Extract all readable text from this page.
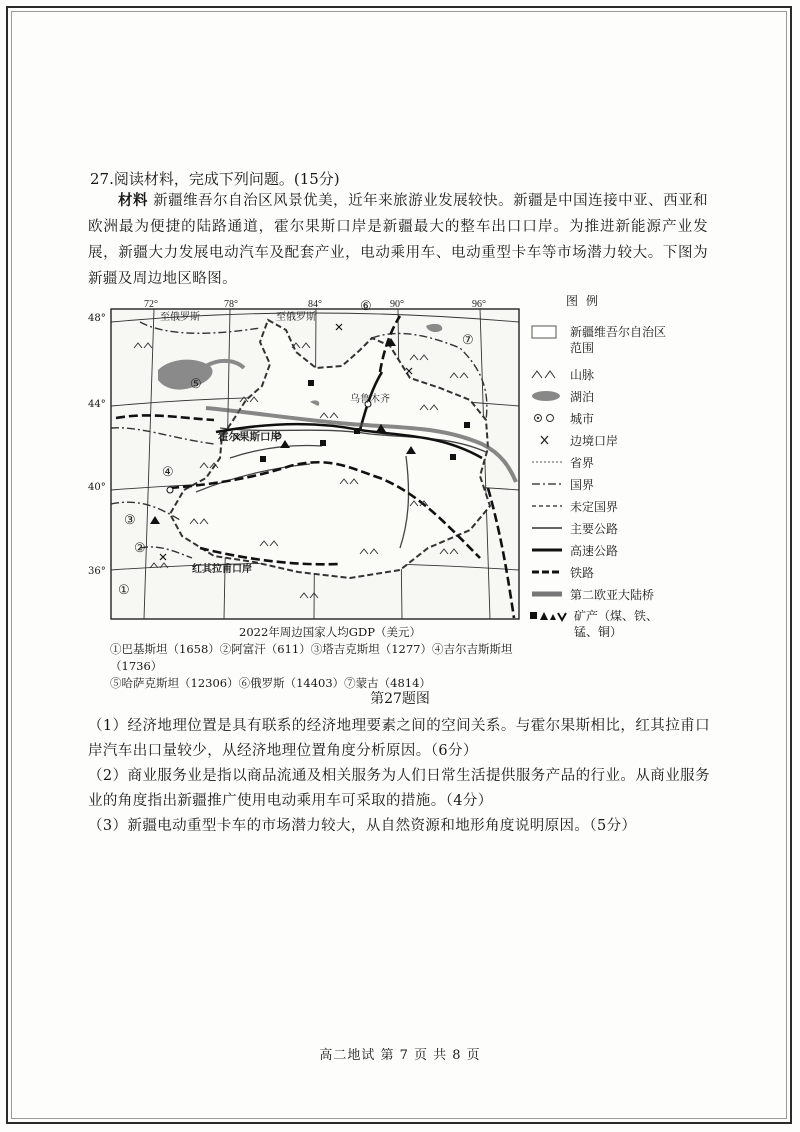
27.阅读材料，完成下列问题。(15分)
材料 新疆维吾尔自治区风景优美，近年来旅游业发展较快。新疆是中国连接中亚、西亚和欧洲最为便捷的陆路通道，霍尔果斯口岸是新疆最大的整车出口口岸。为推进新能源产业发展，新疆大力发展电动汽车及配套产业，电动乘用车、电动重型卡车等市场潜力较大。下图为新疆及周边地区略图。
72°	78°	84°	90°	96°
至俄罗斯	至俄罗斯
乌鲁木齐
霍尔果斯口岸
红其拉甫口岸
①
②
③
④
⑤
⑥
⑦
48°
44°
40°
36°
图例
新疆维吾尔自治区范围
山脉
湖泊
城市
边境口岸
省界
国界
未定国界
主要公路
高速公路
铁路
第二欧亚大陆桥
矿产（煤、铁、锰、铜）
2022年周边国家人均GDP（美元）
①巴基斯坦（1658）②阿富汗（611）③塔吉克斯坦（1277）④吉尔吉斯斯坦（1736）
⑤哈萨克斯坦（12306）⑥俄罗斯（14403）⑦蒙古（4814）
第27题图

（1）经济地理位置是具有联系的经济地理要素之间的空间关系。与霍尔果斯相比，红其拉甫口岸汽车出口量较少，从经济地理位置角度分析原因。（6分）

（2）商业服务业是指以商品流通及相关服务为人们日常生活提供服务产品的行业。从商业服务业的角度指出新疆推广使用电动乘用车可采取的措施。（4分）

（3）新疆电动重型卡车的市场潜力较大，从自然资源和地形角度说明原因。（5分）

高二地试 第 7 页 共 8 页
